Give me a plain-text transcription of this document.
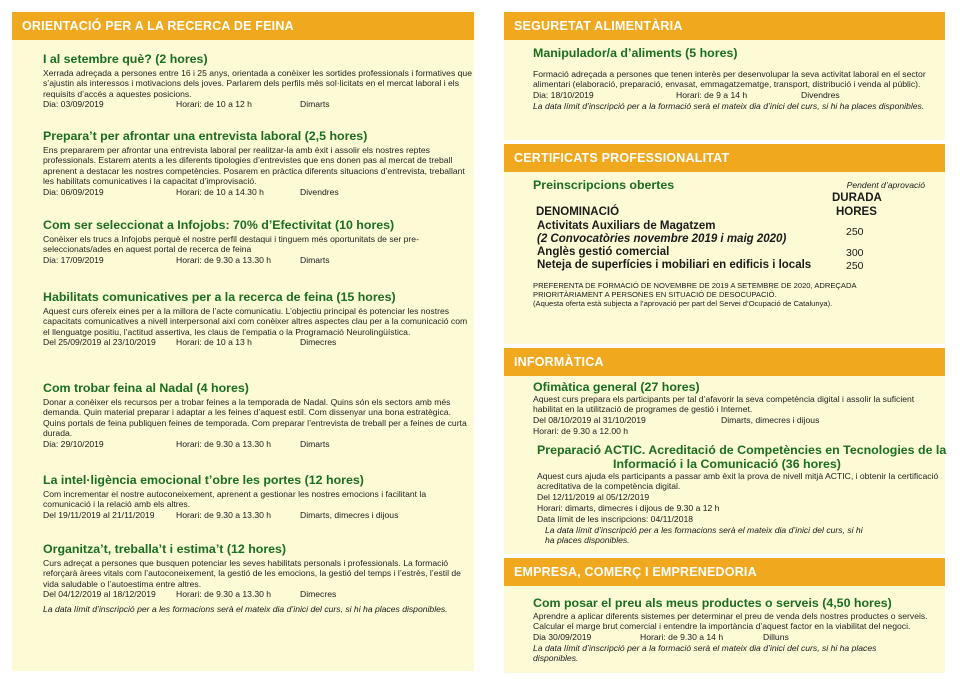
ORIENTACIÓ PER A LA RECERCA DE FEINA
I al setembre què? (2 hores)
Xerrada adreçada a persones entre 16 i 25 anys, orientada a conèixer les sortides professionals i formatives que s’ajustin als interessos i motivacions dels joves. Parlarem dels perfils més sol·licitats en el mercat laboral i els requisits d’accés a aquestes posicions.
Dia: 03/09/2019	Horari: de 10 a 12 h	Dimarts
Prepara’t per afrontar una entrevista laboral (2,5 hores)
Ens prepararem per afrontar una entrevista laboral per realitzar-la amb èxit i assolir els nostres reptes professionals. Estarem atents a les diferents tipologies d’entrevistes que ens donen pas al mercat de treball aprenent a destacar les nostres competències. Posarem en pràctica diferents situacions d’entrevista, treballant les habilitats comunicatives i la capacitat d’improvisació.
Dia: 06/09/2019	Horari: de 10 a 14.30 h	Divendres
Com ser seleccionat a Infojobs: 70% d’Efectivitat (10 hores)
Conèixer els trucs a Infojobs perquè el nostre perfil destaqui i tinguem més oportunitats de ser pre-seleccionats/ades en aquest portal de recerca de feina
Dia: 17/09/2019	Horari: de 9.30 a 13.30 h	Dimarts
Habilitats comunicatives per a la recerca de feina (15 hores)
Aquest curs ofereix eines per a la millora de l’acte comunicatiu. L’objectiu principal és potenciar les nostres capacitats comunicatives a nivell interpersonal així com conèixer altres aspectes clau per a la comunicació com el llenguatge positiu, l’actitud assertiva, les claus de l’empatia o la Programació Neurolingüística.
Del 25/09/2019 al 23/10/2019 Horari: de 10 a 13 h	Dimecres
Com trobar feina al Nadal (4 hores)
Donar a conèixer els recursos per a trobar feines a la temporada de Nadal. Quins són els sectors amb més demanda. Quin material preparar i adaptar a les feines d’aquest estil. Com dissenyar una bona estratègica. Quins portals de feina publiquen feines de temporada. Com preparar l’entrevista de treball per a feines de curta durada.
Dia: 29/10/2019	Horari: de 9.30 a 13.30 h	Dimarts
La intel·ligència emocional t’obre les portes (12 hores)
Com incrementar el nostre autoconeixement, aprenent a gestionar les nostres emocions i facilitant la comunicació i la relació amb els altres.
Del 19/11/2019 al 21/11/2019	Horari: de 9.30 a 13.30 h	Dimarts, dimecres i dijous
Organitza’t, treballa’t i estima’t (12 hores)
Curs adreçat a persones que busquen potenciar les seves habilitats personals i professionals. La formació reforçarà àrees vitals com l’autoconeixement, la gestió de les emocions, la gestió del temps i l’estrès, l’estil de vida saludable o l’autoestima entre altres.
Del 04/12/2019 al 18/12/2019 Horari: de 9.30 a 13.30 h	Dimecres
La data límit d’inscripció per a les formacions serà el mateix dia d’inici del curs, si hi ha places disponibles.
SEGURETAT ALIMENTÀRIA
Manipulador/a d’aliments (5 hores)
Formació adreçada a persones que tenen interès per desenvolupar la seva activitat laboral en el sector alimentari (elaboració, preparació, envasat, emmagatzematge, transport, distribució i venda al públic).
Dia: 18/10/2019	Horari: de 9 a 14 h	Divendres
La data límit d’inscripció per a la formació serà el mateix dia d’inici del curs, si hi ha places disponibles.
CERTIFICATS PROFESSIONALITAT
Preinscripcions obertes	Pendent d’aprovació
DURADA
DENOMINACIÓ	HORES
Activitats Auxiliars de Magatzem	250
(2 Convocatòries novembre 2019 i maig 2020)
Anglès gestió comercial	300
Neteja de superfícies i mobiliari en edificis i locals	250
PREFERENTA DE FORMACIÓ DE NOVEMBRE DE 2019 A SETEMBRE DE 2020, ADREÇADA PRIORITÀRIAMENT A PERSONES EN SITUACIÓ DE DESOCUPACIÓ.
(Aquesta oferta està subjecta a l’aprovació per part del Servei d’Ocupació de Catalunya).
INFORMÀTICA
Ofimàtica general (27 hores)
Aquest curs prepara els participants per tal d’afavorir la seva competència digital i assolir la suficient habilitat en la utilització de programes de gestió i Internet.
Del 08/10/2019 al 31/10/2019	Dimarts, dimecres i dijous
Horari: de 9.30 a 12.00 h
Preparació ACTIC. Acreditació de Competències en Tecnologies de la
Informació i la Comunicació (36 hores)
Aquest curs ajuda els participants a passar amb èxit la prova de nivell mitjà ACTIC, i obtenir la certificació acreditativa de la competència digital.
Del 12/11/2019 al 05/12/2019
Horari: dimarts, dimecres i dijous de 9.30 a 12 h
Data límit de les inscripcions: 04/11/2018
La data límit d’inscripció per a les formacions serà el mateix dia d’inici del curs, si hi ha places disponibles.
EMPRESA, COMERÇ I EMPRENEDORIA
Com posar el preu als meus productes o serveis (4,50 hores)
Aprendre a aplicar diferents sistemes per determinar el preu de venda dels nostres productes o serveis. Calcular el marge brut comercial i entendre la importància d’aquest factor en la viabilitat del negoci.
Dia 30/09/2019	Horari: de 9.30 a 14 h	Dilluns
La data límit d’inscripció per a la formació serà el mateix dia d’inici del curs, si hi ha places disponibles.
